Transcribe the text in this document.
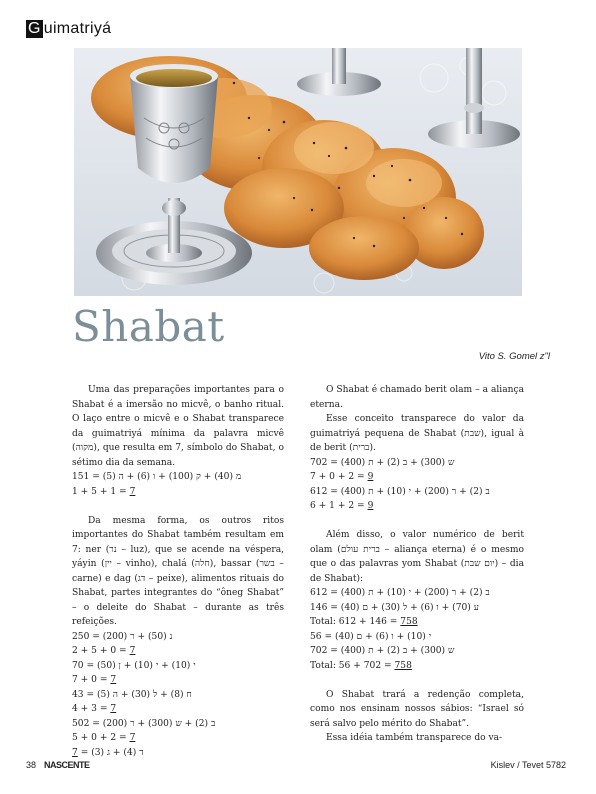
G uimatriyá
Shabat
Vito S. Gomel z"l

Uma das preparações importantes para o Shabat é a imersão no micvê, o banho ritual. O laço entre o micvê e o Shabat transparece da guimatriyá mínima da palavra micvê (מקוה), que resulta em 7, símbolo do Shabat, o sétimo dia da semana.

מ (40) + ק (100) + ו (6) + ה (5) = 151

1 + 5 + 1 = 7

Da mesma forma, os outros ritos importantes do Shabat também resultam em 7: ner (נר – luz), que se acende na véspera, yáyin (יין – vinho), chalá (חלה), bassar (בשר – carne) e dag (דג – peixe), alimentos rituais do Shabat, partes integrantes do “ôneg Shabat” – o deleite do Shabat – durante as três refeições.

נ (50) + ר (200) = 250

2 + 5 + 0 = 7

י (10) + י (10) + ן (50) = 70

7 + 0 = 7

ח (8) + ל (30) + ה (5) = 43

4 + 3 = 7

ב (2) + ש (300) + ר (200) = 502

5 + 0 + 2 = 7

ד (4) + ג (3) = 7

O Shabat é chamado berit olam – a aliança eterna.

Esse conceito transparece do valor da guimatriyá pequena de Shabat (שבת), igual à de berit (ברית).

ש (300) + ב (2) + ת (400) = 702

7 + 0 + 2 = 9

ב (2) + ר (200) + י (10) + ת (400) = 612

6 + 1 + 2 = 9

Além disso, o valor numérico de berit olam (ברית עולם – aliança eterna) é o mesmo que o das palavras yom Shabat (יום שבת) – dia de Shabat):

ב (2) + ר (200) + י (10) + ת (400) = 612

ע (70) + ו (6) + ל (30) + ם (40) = 146

Total: 612 + 146 = 758

י (10) + ו (6) + ם (40) = 56

ש (300) + ב (2) + ת (400) = 702

Total: 56 + 702 = 758

O Shabat trará a redenção completa, como nos ensinam nossos sábios: “Israel só será salvo pelo mérito do Shabat”.

Essa idéia também transparece do va-

38 NASCENTE	Kislev / Tevet 5782
